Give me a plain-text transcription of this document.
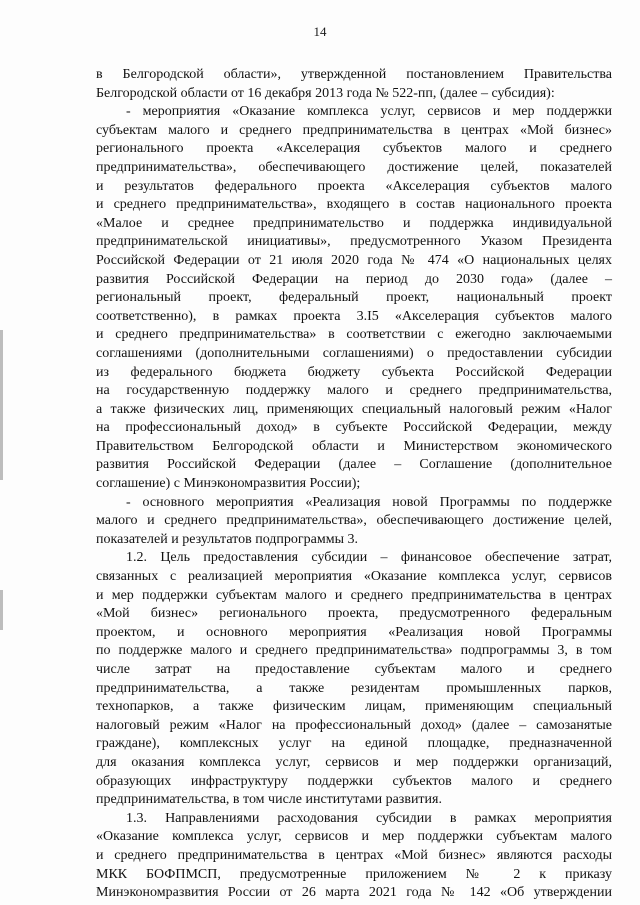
14
в Белгородской области», утвержденной постановлением Правительства
Белгородской области от 16 декабря 2013 года № 522-пп, (далее – субсидия):
- мероприятия «Оказание комплекса услуг, сервисов и мер поддержки
субъектам малого и среднего предпринимательства в центрах «Мой бизнес»
регионального проекта «Акселерация субъектов малого и среднего
предпринимательства», обеспечивающего достижение целей, показателей
и результатов федерального проекта «Акселерация субъектов малого
и среднего предпринимательства», входящего в состав национального проекта
«Малое и среднее предпринимательство и поддержка индивидуальной
предпринимательской инициативы», предусмотренного Указом Президента
Российской Федерации от 21 июля 2020 года № 474 «О национальных целях
развития Российской Федерации на период до 2030 года» (далее –
региональный проект, федеральный проект, национальный проект
соответственно), в рамках проекта 3.I5 «Акселерация субъектов малого
и среднего предпринимательства» в соответствии с ежегодно заключаемыми
соглашениями (дополнительными соглашениями) о предоставлении субсидии
из федерального бюджета бюджету субъекта Российской Федерации
на государственную поддержку малого и среднего предпринимательства,
а также физических лиц, применяющих специальный налоговый режим «Налог
на профессиональный доход» в субъекте Российской Федерации, между
Правительством Белгородской области и Министерством экономического
развития Российской Федерации (далее – Соглашение (дополнительное
соглашение) с Минэкономразвития России);
- основного мероприятия «Реализация новой Программы по поддержке
малого и среднего предпринимательства», обеспечивающего достижение целей,
показателей и результатов подпрограммы 3.
1.2. Цель предоставления субсидии – финансовое обеспечение затрат,
связанных с реализацией мероприятия «Оказание комплекса услуг, сервисов
и мер поддержки субъектам малого и среднего предпринимательства в центрах
«Мой бизнес» регионального проекта, предусмотренного федеральным
проектом, и основного мероприятия «Реализация новой Программы
по поддержке малого и среднего предпринимательства» подпрограммы 3, в том
числе затрат на предоставление субъектам малого и среднего
предпринимательства, а также резидентам промышленных парков,
технопарков, а также физическим лицам, применяющим специальный
налоговый режим «Налог на профессиональный доход» (далее – самозанятые
граждане), комплексных услуг на единой площадке, предназначенной
для оказания комплекса услуг, сервисов и мер поддержки организаций,
образующих инфраструктуру поддержки субъектов малого и среднего
предпринимательства, в том числе институтами развития.
1.3. Направлениями расходования субсидии в рамках мероприятия
«Оказание комплекса услуг, сервисов и мер поддержки субъектам малого
и среднего предпринимательства в центрах «Мой бизнес» являются расходы
МКК БОФПМСП, предусмотренные приложением № 2 к приказу
Минэкономразвития России от 26 марта 2021 года № 142 «Об утверждении
